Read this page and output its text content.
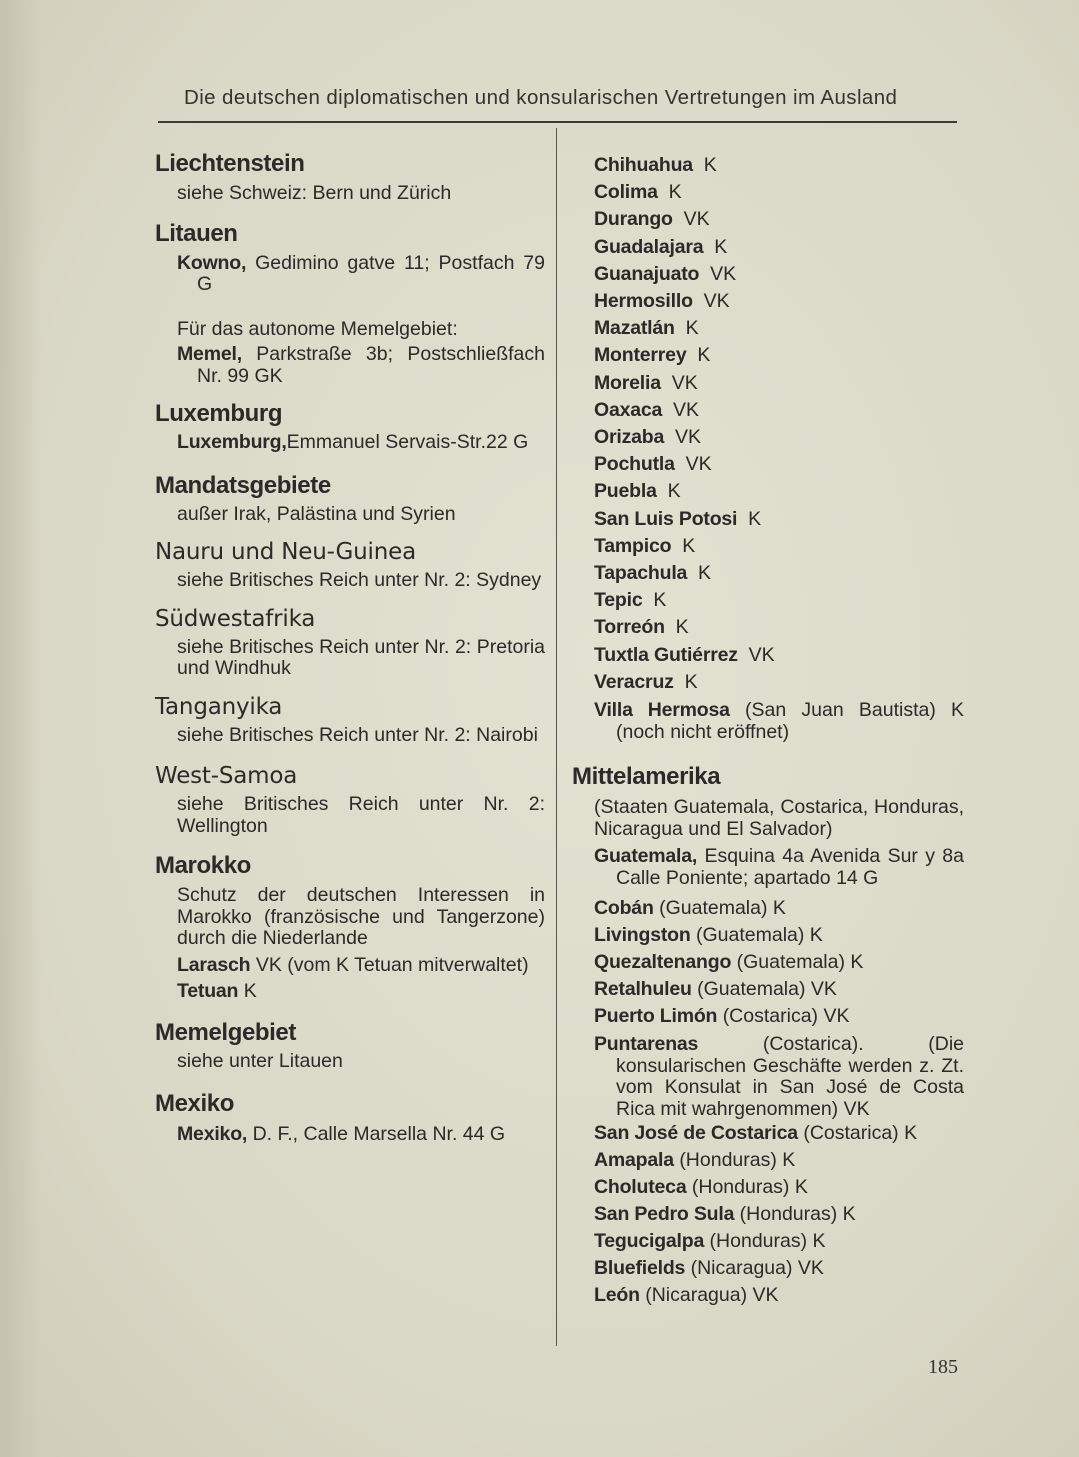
Die deutschen diplomatischen und konsularischen Vertretungen im Ausland
Liechtenstein

siehe Schweiz: Bern und Zürich

Litauen

Kowno, Gedimino gatve 11; Postfach 79 G

Für das autonome Memelgebiet:

Memel, Parkstraße 3b; Postschließfach Nr. 99 GK

Luxemburg

Luxemburg,Emmanuel Servais-Str.22 G

Mandatsgebiete

außer Irak, Palästina und Syrien

Nauru und Neu-Guinea

siehe Britisches Reich unter Nr. 2: Sydney

Südwestafrika

siehe Britisches Reich unter Nr. 2: Pretoria und Windhuk

Tanganyika

siehe Britisches Reich unter Nr. 2: Nairobi

West-Samoa

siehe Britisches Reich unter Nr. 2: Wellington

Marokko

Schutz der deutschen Interessen in Marokko (französische und Tangerzone) durch die Niederlande

Larasch VK (vom K Tetuan mitverwaltet)

Tetuan K

Memelgebiet

siehe unter Litauen

Mexiko

Mexiko, D. F., Calle Marsella Nr. 44 G

Chihuahua K

Colima K

Durango VK

Guadalajara K

Guanajuato VK

Hermosillo VK

Mazatlán K

Monterrey K

Morelia VK

Oaxaca VK

Orizaba VK

Pochutla VK

Puebla K

San Luis Potosi K

Tampico K

Tapachula K

Tepic K

Torreón K

Tuxtla Gutiérrez VK

Veracruz K

Villa Hermosa (San Juan Bautista) K (noch nicht eröffnet)

Mittelamerika

(Staaten Guatemala, Costarica, Honduras, Nicaragua und El Salvador)

Guatemala, Esquina 4a Avenida Sur y 8a Calle Poniente; apartado 14 G

Cobán (Guatemala) K

Livingston (Guatemala) K

Quezaltenango (Guatemala) K

Retalhuleu (Guatemala) VK

Puerto Limón (Costarica) VK

Puntarenas	(Costarica). (Die konsularischen Geschäfte werden z. Zt. vom Konsulat in San José de Costa Rica mit wahrgenommen) VK

San José de Costarica (Costarica) K

Amapala (Honduras) K

Choluteca (Honduras) K

San Pedro Sula (Honduras) K

Tegucigalpa (Honduras) K

Bluefields (Nicaragua) VK

León (Nicaragua) VK

185
